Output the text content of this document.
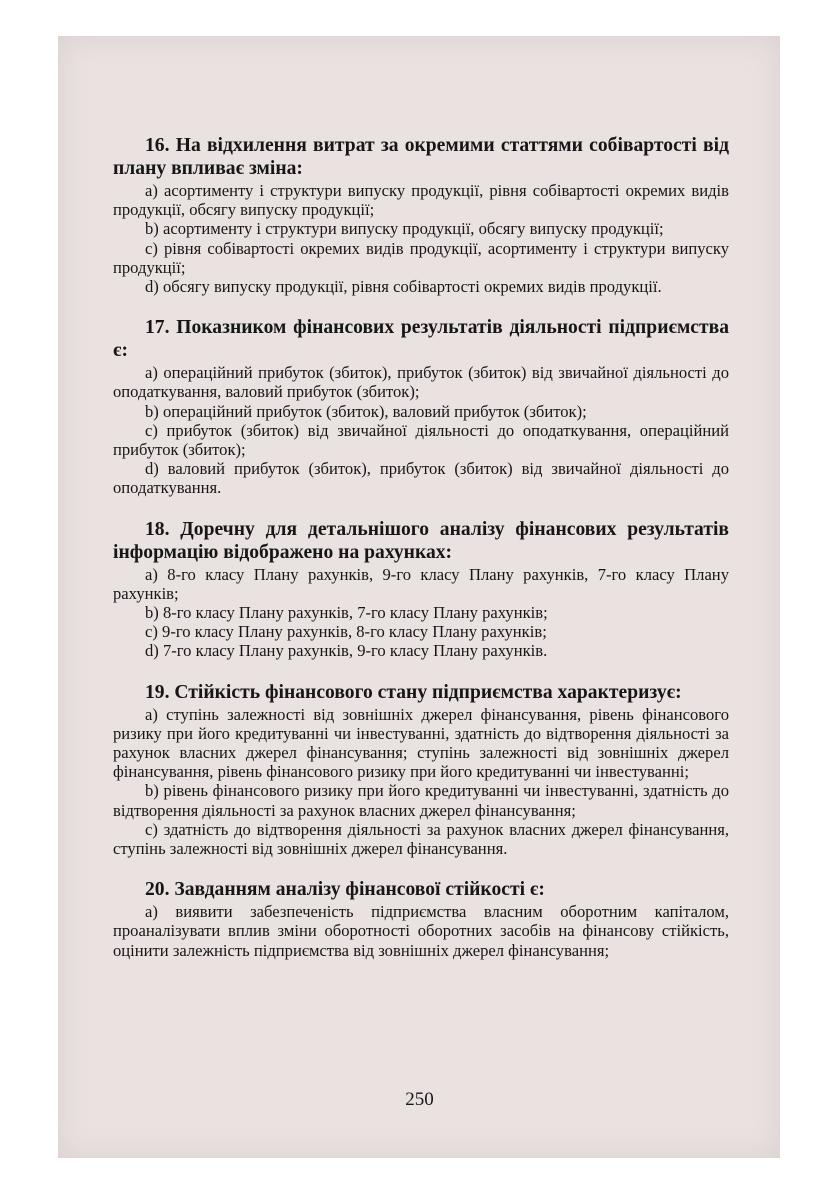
16. На відхилення витрат за окремими статтями собівартості від плану впливає зміна:

а) асортименту і структури випуску продукції, рівня собівартості окремих видів продукції, обсягу випуску продукції;

b) асортименту і структури випуску продукції, обсягу випуску продукції;

c) рівня собівартості окремих видів продукції, асортименту і структури випуску продукції;

d) обсягу випуску продукції, рівня собівартості окремих видів продукції.

17. Показником фінансових результатів діяльності підприємства є:

а) операційний прибуток (збиток), прибуток (збиток) від звичайної діяльності до оподаткування, валовий прибуток (збиток);

b) операційний прибуток (збиток), валовий прибуток (збиток);

c) прибуток (збиток) від звичайної діяльності до оподаткування, операційний прибуток (збиток);

d) валовий прибуток (збиток), прибуток (збиток) від звичайної діяльності до оподаткування.

18. Доречну для детальнішого аналізу фінансових результатів інформацію відображено на рахунках:

а) 8-го класу Плану рахунків, 9-го класу Плану рахунків, 7-го класу Плану рахунків;

b) 8-го класу Плану рахунків, 7-го класу Плану рахунків;

c) 9-го класу Плану рахунків, 8-го класу Плану рахунків;

d) 7-го класу Плану рахунків, 9-го класу Плану рахунків.

19. Стійкість фінансового стану підприємства характеризує:

а) ступінь залежності від зовнішніх джерел фінансування, рівень фінансового ризику при його кредитуванні чи інвестуванні, здатність до відтворення діяльності за рахунок власних джерел фінансування; ступінь залежності від зовнішніх джерел фінансування, рівень фінансового ризику при його кредитуванні чи інвестуванні;

b) рівень фінансового ризику при його кредитуванні чи інвестуванні, здатність до відтворення діяльності за рахунок власних джерел фінансування;

c) здатність до відтворення діяльності за рахунок власних джерел фінансування, ступінь залежності від зовнішніх джерел фінансування.

20. Завданням аналізу фінансової стійкості є:

а) виявити забезпеченість підприємства власним оборотним капіталом, проаналізувати вплив зміни оборотності оборотних засобів на фінансову стійкість, оцінити залежність підприємства від зовнішніх джерел фінансування;

250
